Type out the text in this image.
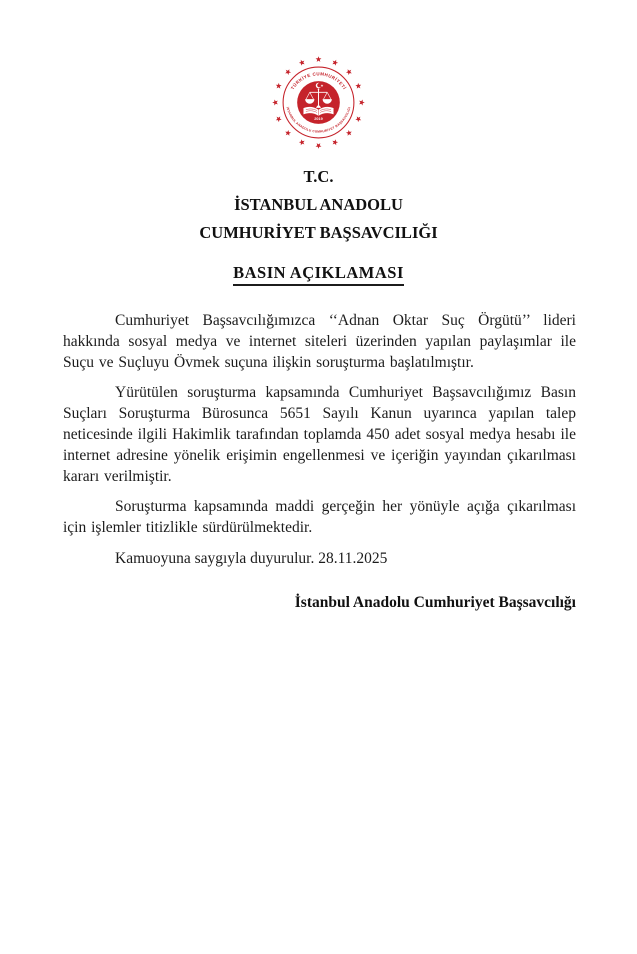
TÜRKİYE CUMHURİYETİ
İSTANBUL ANADOLU CUMHURİYET BAŞSAVCILIĞI
2019
T.C.
İSTANBUL ANADOLU
CUMHURİYET BAŞSAVCILIĞI
BASIN AÇIKLAMASI

Cumhuriyet Başsavcılığımızca ‘‘Adnan Oktar Suç Örgütü’’ lideri hakkında sosyal medya ve internet siteleri üzerinden yapılan paylaşımlar ile Suçu ve Suçluyu Övmek suçuna ilişkin soruşturma başlatılmıştır.

Yürütülen soruşturma kapsamında Cumhuriyet Başsavcılığımız Basın Suçları Soruşturma Bürosunca 5651 Sayılı Kanun uyarınca yapılan talep neticesinde ilgili Hakimlik tarafından toplamda 450 adet sosyal medya hesabı ile internet adresine yönelik erişimin engellenmesi ve içeriğin yayından çıkarılması kararı verilmiştir.

Soruşturma kapsamında maddi gerçeğin her yönüyle açığa çıkarılması için işlemler titizlikle sürdürülmektedir.

Kamuoyuna saygıyla duyurulur. 28.11.2025

İstanbul Anadolu Cumhuriyet Başsavcılığı
